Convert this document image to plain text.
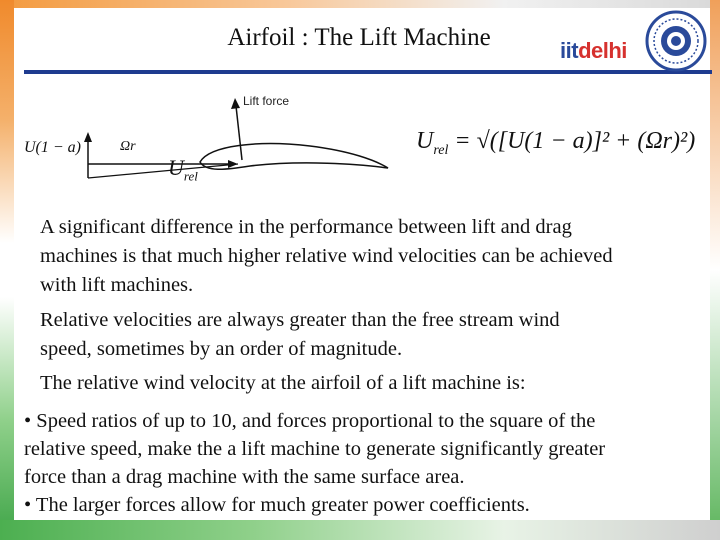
Airfoil : The Lift Machine	iitdelhi
Lift force
U(1 − a)	Ωr
$U_{rel}$
$U_{rel} = √([U(1 - a)]^2 + (\Omega r)^2)$
A significant difference in the performance between lift and drag
machines is that much higher relative wind velocities can be achieved
with lift machines.
Relative velocities are always greater than the free stream wind
speed, sometimes by an order of magnitude.
The relative wind velocity at the airfoil of a lift machine is:
• Speed ratios of up to 10, and forces proportional to the square of the
relative speed, make the a lift machine to generate significantly greater
force than a drag machine with the same surface area.
• The larger forces allow for much greater power coefficients.
